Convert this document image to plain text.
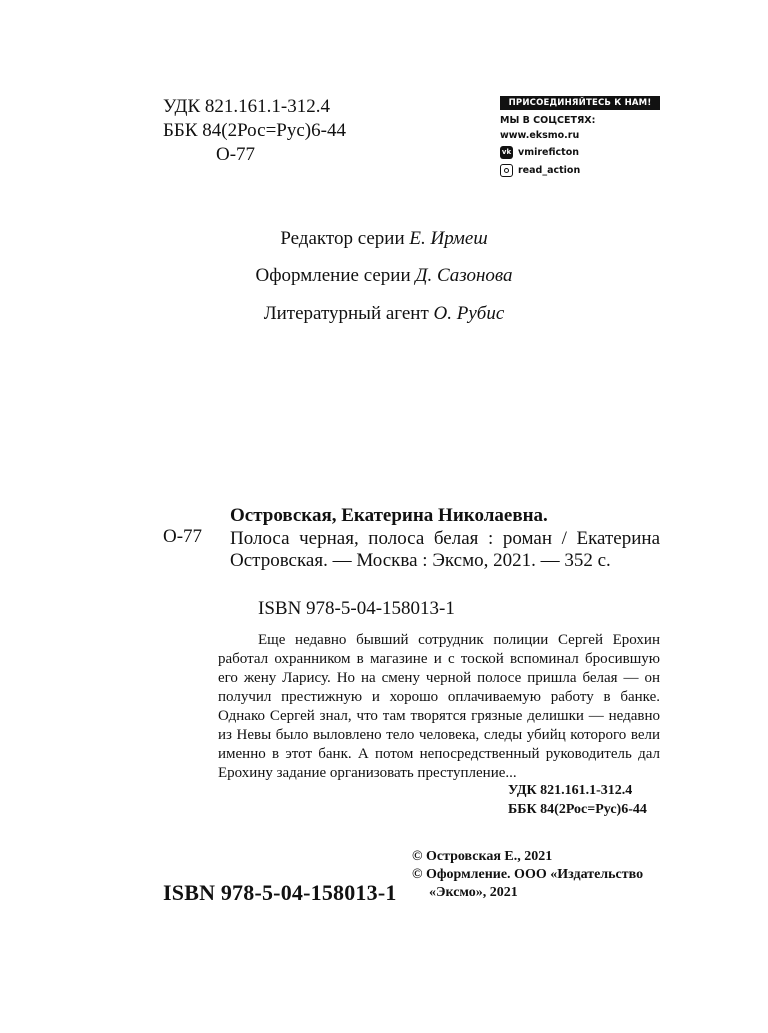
УДК 821.161.1-312.4
ББК 84(2Рос=Рус)6-44
О-77
ПРИСОЕДИНЯЙТЕСЬ К НАМ!
МЫ В СОЦСЕТЯХ:
www.eksmo.ru
vk vmireficton
read_action
Редактор серии Е. Ирмеш
Оформление серии Д. Сазонова
Литературный агент О. Рубис
Островская, Екатерина Николаевна.
О-77 Полоса черная, полоса белая : роман / Екатерина Островская. — Москва : Эксмо, 2021. — 352 с.
ISBN 978-5-04-158013-1
Еще недавно бывший сотрудник полиции Сергей Ерохин работал охранником в магазине и с тоской вспоминал бросившую его жену Ларису. Но на смену черной полосе пришла белая — он получил престижную и хорошо оплачиваемую работу в банке. Однако Сергей знал, что там творятся грязные делишки — недавно из Невы было выловлено тело человека, следы убийц которого вели именно в этот банк. А потом непосредственный руководитель дал Ерохину задание организовать преступление...
УДК 821.161.1-312.4
ББК 84(2Рос=Рус)6-44
© Островская Е., 2021
© Оформление. ООО «Издательство
«Эксмо», 2021
ISBN 978-5-04-158013-1
